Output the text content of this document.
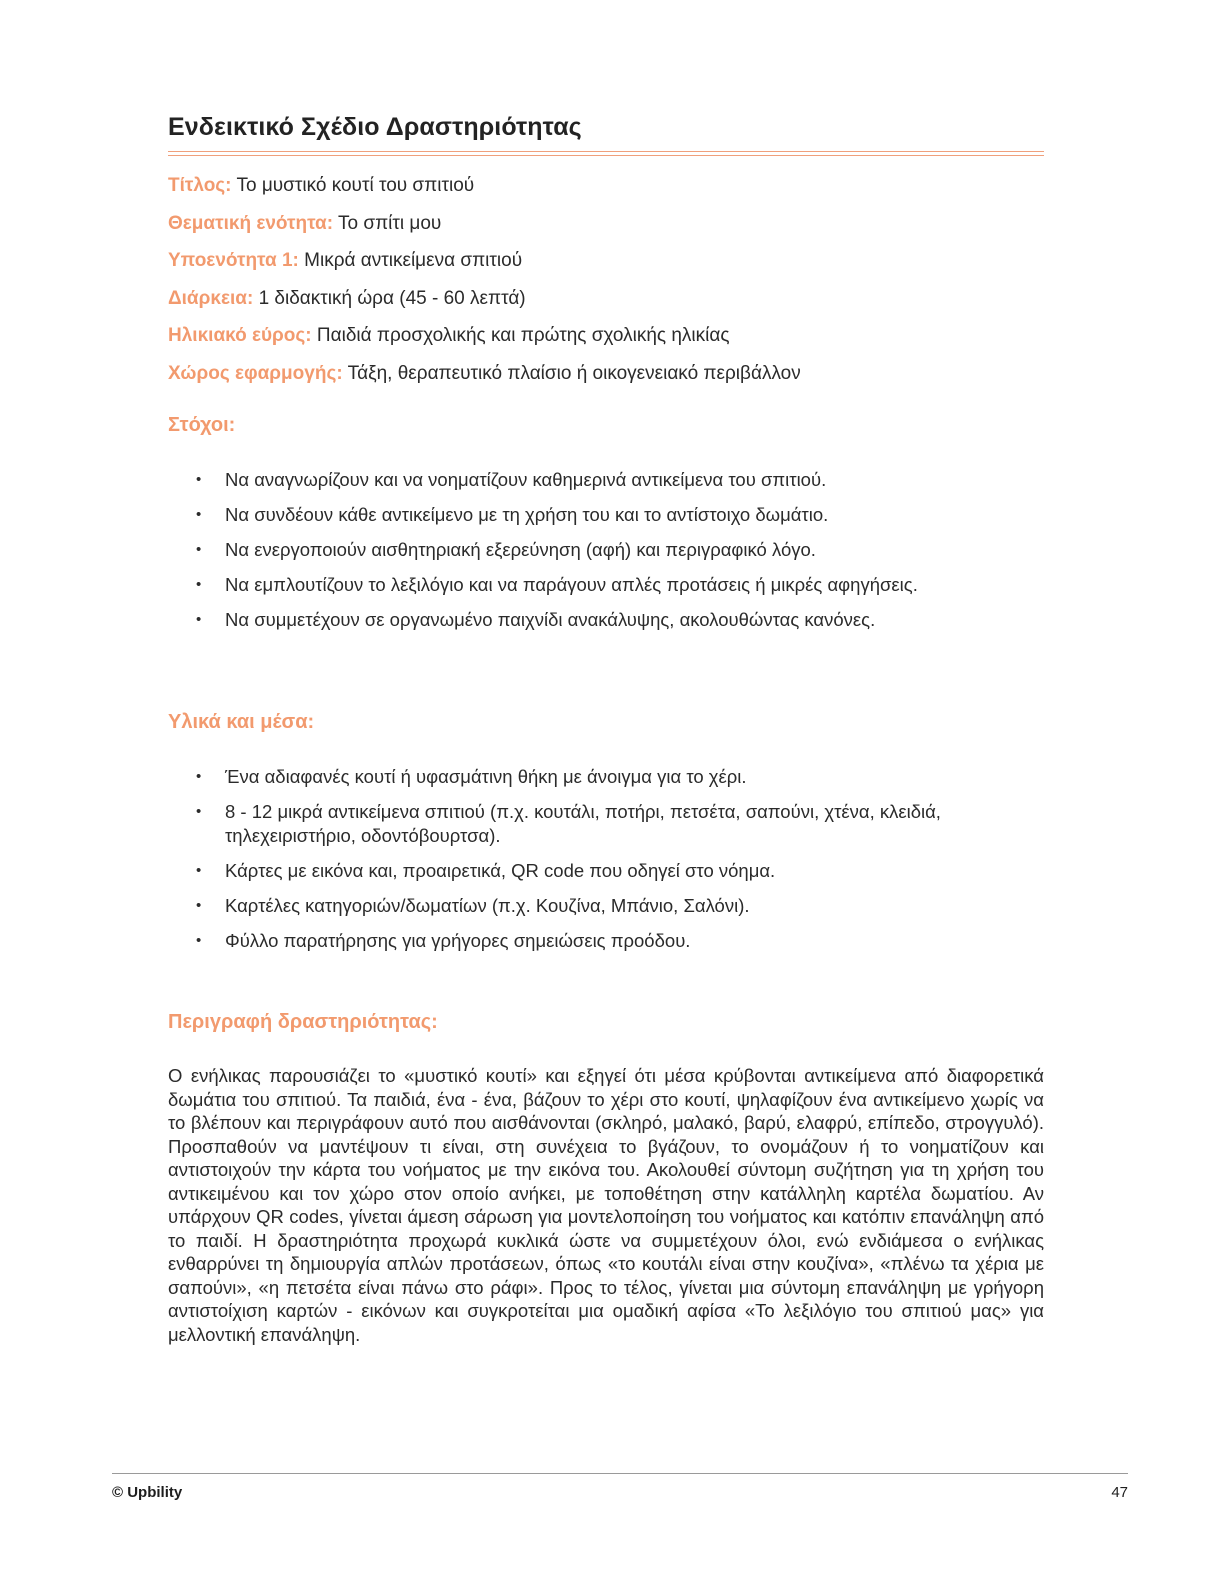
Ενδεικτικό Σχέδιο Δραστηριότητας
Τίτλος: Το μυστικό κουτί του σπιτιού
Θεματική ενότητα: Το σπίτι μου
Υποενότητα 1: Μικρά αντικείμενα σπιτιού
Διάρκεια: 1 διδακτική ώρα (45 - 60 λεπτά)
Ηλικιακό εύρος: Παιδιά προσχολικής και πρώτης σχολικής ηλικίας
Χώρος εφαρμογής: Τάξη, θεραπευτικό πλαίσιο ή οικογενειακό περιβάλλον
Στόχοι:
• Να αναγνωρίζουν και να νοηματίζουν καθημερινά αντικείμενα του σπιτιού.
• Να συνδέουν κάθε αντικείμενο με τη χρήση του και το αντίστοιχο δωμάτιο.
• Να ενεργοποιούν αισθητηριακή εξερεύνηση (αφή) και περιγραφικό λόγο.
• Να εμπλουτίζουν το λεξιλόγιο και να παράγουν απλές προτάσεις ή μικρές αφηγήσεις.
• Να συμμετέχουν σε οργανωμένο παιχνίδι ανακάλυψης, ακολουθώντας κανόνες.
Υλικά και μέσα:
• Ένα αδιαφανές κουτί ή υφασμάτινη θήκη με άνοιγμα για το χέρι.
• 8 - 12 μικρά αντικείμενα σπιτιού (π.χ. κουτάλι, ποτήρι, πετσέτα, σαπούνι, χτένα, κλειδιά, τηλεχειριστήριο, οδοντόβουρτσα).
• Κάρτες με εικόνα και, προαιρετικά, QR code που οδηγεί στο νόημα.
• Καρτέλες κατηγοριών/δωματίων (π.χ. Κουζίνα, Μπάνιο, Σαλόνι).
• Φύλλο παρατήρησης για γρήγορες σημειώσεις προόδου.
Περιγραφή δραστηριότητας:
Ο ενήλικας παρουσιάζει το «μυστικό κουτί» και εξηγεί ότι μέσα κρύβονται αντικείμενα από διαφορετικά δωμάτια του σπιτιού. Τα παιδιά, ένα - ένα, βάζουν το χέρι στο κουτί, ψηλαφίζουν ένα αντικείμενο χωρίς να το βλέπουν και περιγράφουν αυτό που αισθάνονται (σκληρό, μαλακό, βαρύ, ελαφρύ, επίπεδο, στρογγυλό). Προσπαθούν να μαντέψουν τι είναι, στη συνέχεια το βγάζουν, το ονομάζουν ή το νοηματίζουν και αντιστοιχούν την κάρτα του νοήματος με την εικόνα του. Ακολουθεί σύντομη συζήτηση για τη χρήση του αντικειμένου και τον χώρο στον οποίο ανήκει, με τοποθέτηση στην κατάλληλη καρτέλα δωματίου. Αν υπάρχουν QR codes, γίνεται άμεση σάρωση για μοντελοποίηση του νοήματος και κατόπιν επανάληψη από το παιδί. Η δραστηριότητα προχωρά κυκλικά ώστε να συμμετέχουν όλοι, ενώ ενδιάμεσα ο ενήλικας ενθαρρύνει τη δημιουργία απλών προτάσεων, όπως «το κουτάλι είναι στην κουζίνα», «πλένω τα χέρια με σαπούνι», «η πετσέτα είναι πάνω στο ράφι». Προς το τέλος, γίνεται μια σύντομη επανάληψη με γρήγορη αντιστοίχιση καρτών - εικόνων και συγκροτείται μια ομαδική αφίσα «Το λεξιλόγιο του σπιτιού μας» για μελλοντική επανάληψη.
© Upbility	47
